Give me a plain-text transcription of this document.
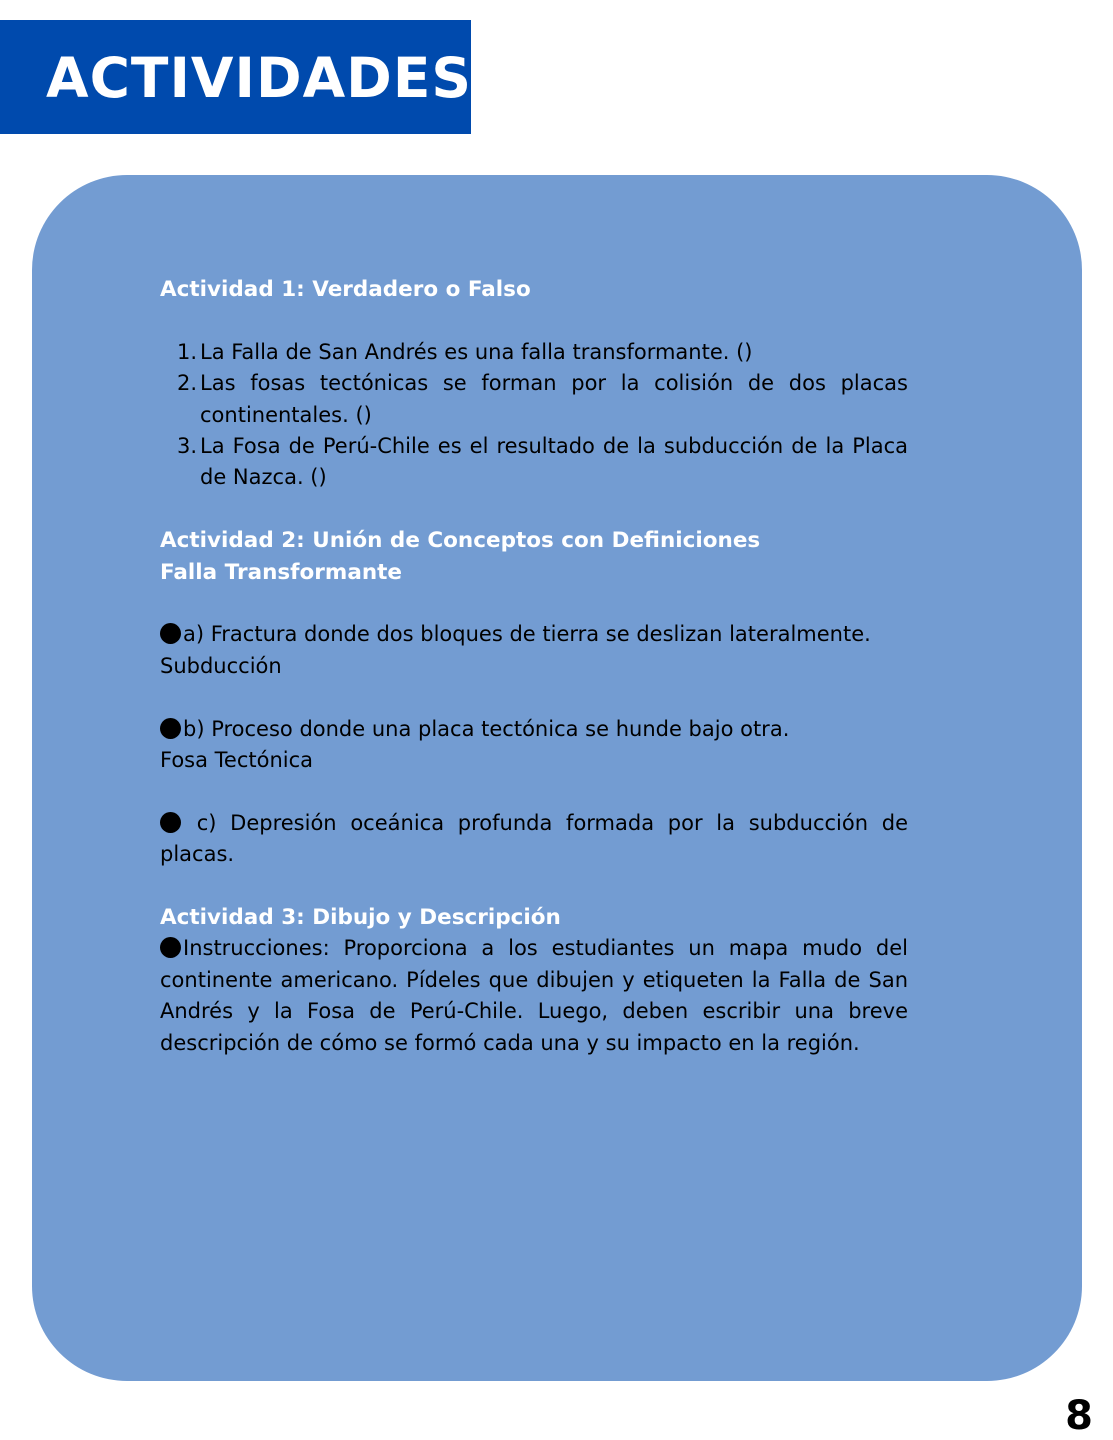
ACTIVIDADES

Actividad 1: Verdadero o Falso

1. La Falla de San Andrés es una falla transformante. ()
2. Las fosas tectónicas se forman por la colisión de dos placas continentales. ()
3. La Fosa de Perú-Chile es el resultado de la subducción de la Placa de Nazca. ()

Actividad 2: Unión de Conceptos con Definiciones

Falla Transformante

a) Fractura donde dos bloques de tierra se deslizan lateralmente.

Subducción

b) Proceso donde una placa tectónica se hunde bajo otra.

Fosa Tectónica

c) Depresión oceánica profunda formada por la subducción de placas.

Actividad 3: Dibujo y Descripción

Instrucciones: Proporciona a los estudiantes un mapa mudo del continente americano. Pídeles que dibujen y etiqueten la Falla de San Andrés y la Fosa de Perú-Chile. Luego, deben escribir una breve descripción de cómo se formó cada una y su impacto en la región.

8
